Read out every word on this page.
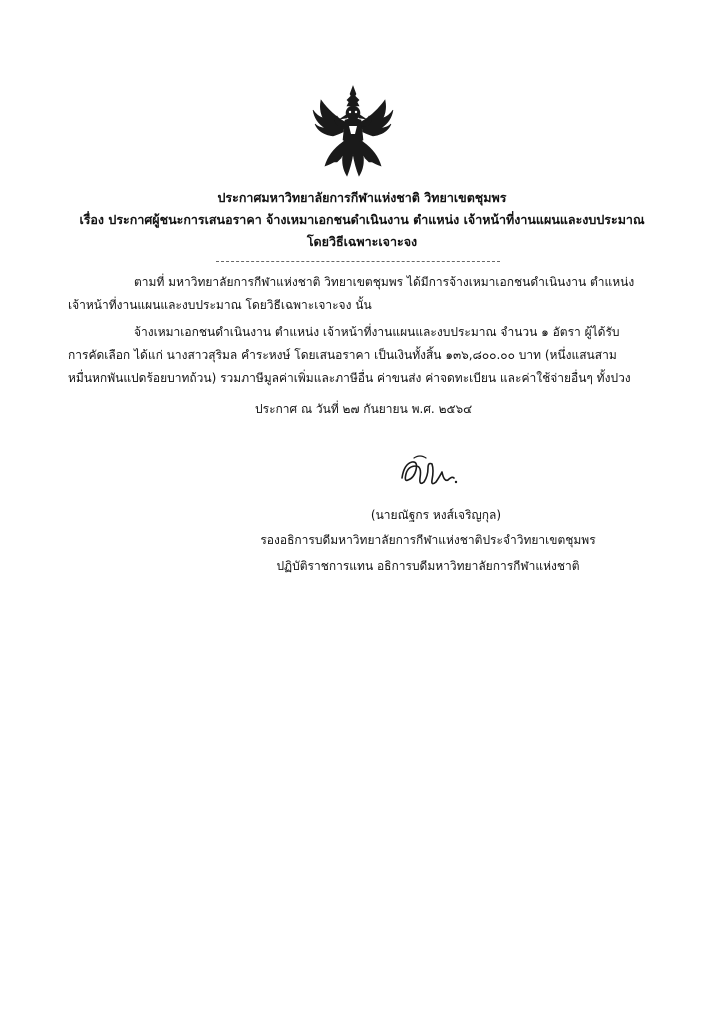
ประกาศมหาวิทยาลัยการกีฬาแห่งชาติ วิทยาเขตชุมพร
เรื่อง ประกาศผู้ชนะการเสนอราคา จ้างเหมาเอกชนดำเนินงาน ตำแหน่ง เจ้าหน้าที่งานแผนและงบประมาณ
โดยวิธีเฉพาะเจาะจง
ตามที่ มหาวิทยาลัยการกีฬาแห่งชาติ วิทยาเขตชุมพร ได้มีการจ้างเหมาเอกชนดำเนินงาน ตำแหน่ง
เจ้าหน้าที่งานแผนและงบประมาณ โดยวิธีเฉพาะเจาะจง นั้น
จ้างเหมาเอกชนดำเนินงาน ตำแหน่ง เจ้าหน้าที่งานแผนและงบประมาณ จำนวน ๑ อัตรา ผู้ได้รับ
การคัดเลือก ได้แก่ นางสาวสุริมล คำระหงษ์ โดยเสนอราคา เป็นเงินทั้งสิ้น ๑๓๖,๘๐๐.๐๐ บาท (หนึ่งแสนสาม
หมื่นหกพันแปดร้อยบาทถ้วน) รวมภาษีมูลค่าเพิ่มและภาษีอื่น ค่าขนส่ง ค่าจดทะเบียน และค่าใช้จ่ายอื่นๆ ทั้งปวง
ประกาศ ณ วันที่ ๒๗ กันยายน พ.ศ. ๒๕๖๔
(นายณัฐกร หงส์เจริญกุล)
รองอธิการบดีมหาวิทยาลัยการกีฬาแห่งชาติประจำวิทยาเขตชุมพร
ปฏิบัติราชการแทน อธิการบดีมหาวิทยาลัยการกีฬาแห่งชาติ
